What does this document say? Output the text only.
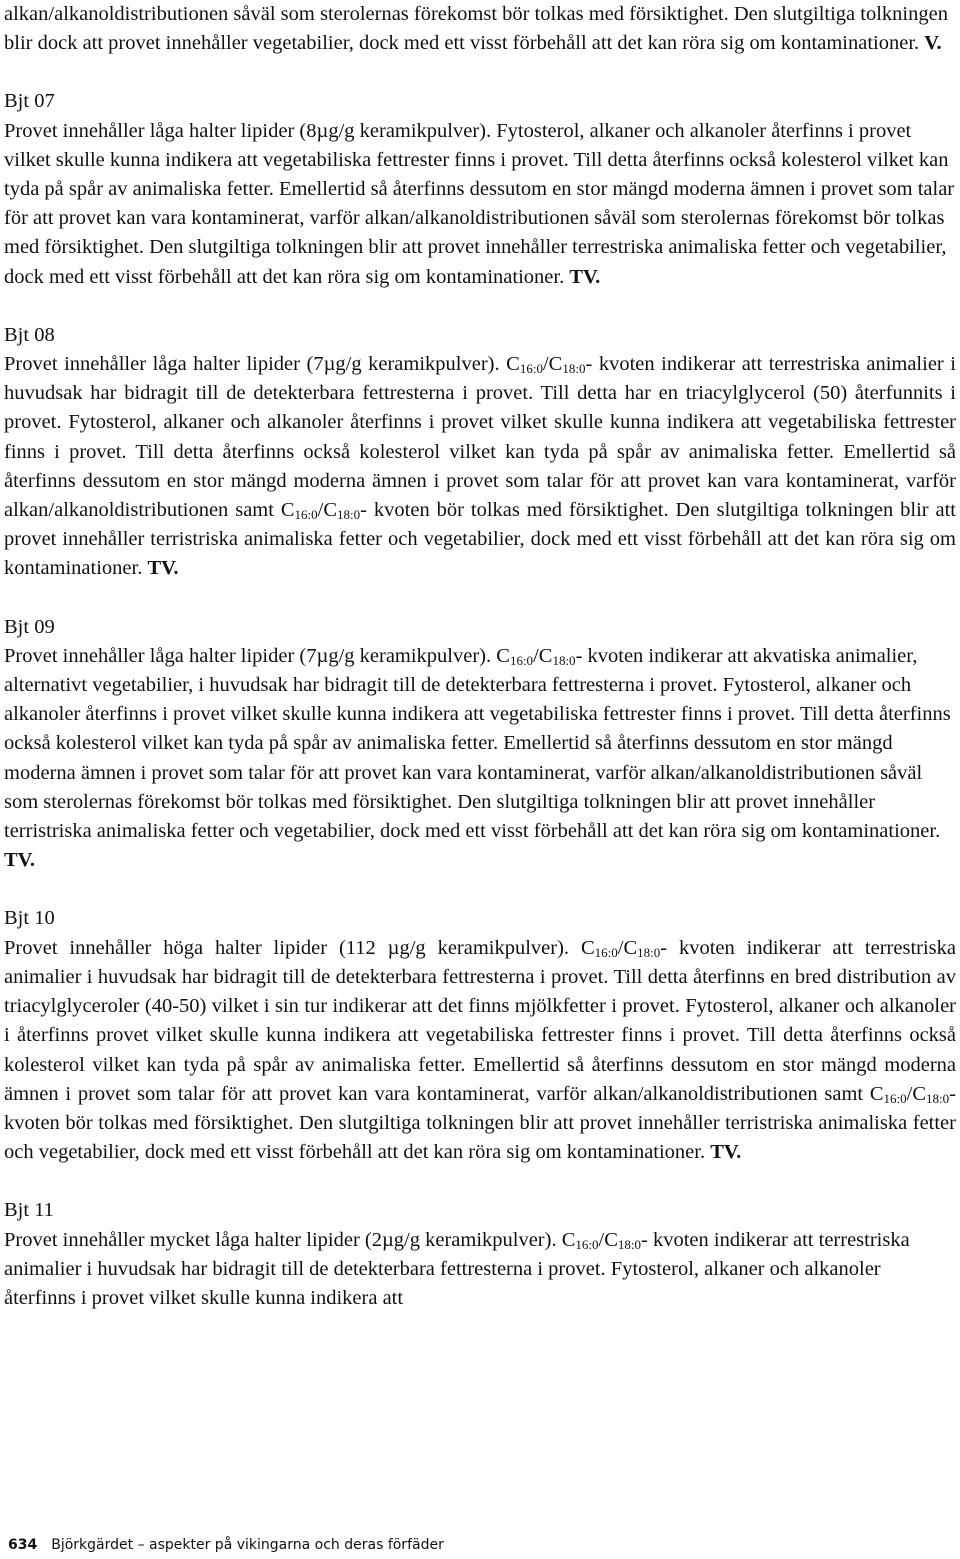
alkan/alkanoldistributionen såväl som sterolernas förekomst bör tolkas med försiktighet. Den slutgiltiga tolkningen blir dock att provet innehåller vegetabilier, dock med ett visst förbehåll att det kan röra sig om kontaminationer. V.

Bjt 07

Provet innehåller låga halter lipider (8µg/g keramikpulver). Fytosterol, alkaner och alkanoler återfinns i provet vilket skulle kunna indikera att vegetabiliska fettrester finns i provet. Till detta återfinns också kolesterol vilket kan tyda på spår av animaliska fetter. Emellertid så återfinns dessutom en stor mängd moderna ämnen i provet som talar för att provet kan vara kontaminerat, varför alkan/alkanoldistributionen såväl som sterolernas förekomst bör tolkas med försiktighet. Den slutgiltiga tolkningen blir att provet innehåller terrestriska animaliska fetter och vegetabilier, dock med ett visst förbehåll att det kan röra sig om kontaminationer. TV.

Bjt 08

Provet innehåller låga halter lipider (7µg/g keramikpulver). $C_{16:0}/C_{18:0}-$ kvoten indikerar att terrestriska animalier i huvudsak har bidragit till de detekterbara fettresterna i provet. Till detta har en triacylglycerol (50) återfunnits i provet. Fytosterol, alkaner och alkanoler återfinns i provet vilket skulle kunna indikera att vegetabiliska fettrester finns i provet. Till detta återfinns också kolesterol vilket kan tyda på spår av animaliska fetter. Emellertid så återfinns dessutom en stor mängd moderna ämnen i provet som talar för att provet kan vara kontaminerat, varför alkan/alkanoldistributionen samt $C_{16:0}/C_{18:0}-$ kvoten bör tolkas med försiktighet. Den slutgiltiga tolkningen blir att provet innehåller terristriska animaliska fetter och vegetabilier, dock med ett visst förbehåll att det kan röra sig om kontaminationer. TV.

Bjt 09

Provet innehåller låga halter lipider (7µg/g keramikpulver). $C_{16:0}/C_{18:0}-$ kvoten indikerar att akvatiska animalier, alternativt vegetabilier, i huvudsak har bidragit till de detekterbara fettresterna i provet. Fytosterol, alkaner och alkanoler återfinns i provet vilket skulle kunna indikera att vegetabiliska fettrester finns i provet. Till detta återfinns också kolesterol vilket kan tyda på spår av animaliska fetter. Emellertid så återfinns dessutom en stor mängd moderna ämnen i provet som talar för att provet kan vara kontaminerat, varför alkan/alkanoldistributionen såväl som sterolernas förekomst bör tolkas med försiktighet. Den slutgiltiga tolkningen blir att provet innehåller terristriska animaliska fetter och vegetabilier, dock med ett visst förbehåll att det kan röra sig om kontaminationer. TV.

Bjt 10

Provet innehåller höga halter lipider (112 µg/g keramikpulver). $C_{16:0}/C_{18:0}-$ kvoten indikerar att terrestriska animalier i huvudsak har bidragit till de detekterbara fettresterna i provet. Till detta återfinns en bred distribution av triacylglyceroler (40-50) vilket i sin tur indikerar att det finns mjölkfetter i provet. Fytosterol, alkaner och alkanoler i återfinns provet vilket skulle kunna indikera att vegetabiliska fettrester finns i provet. Till detta återfinns också kolesterol vilket kan tyda på spår av animaliska fetter. Emellertid så återfinns dessutom en stor mängd moderna ämnen i provet som talar för att provet kan vara kontaminerat, varför alkan/alkanoldistributionen samt $C_{16:0}/C_{18:0}-$ kvoten bör tolkas med försiktighet. Den slutgiltiga tolkningen blir att provet innehåller terristriska animaliska fetter och vegetabilier, dock med ett visst förbehåll att det kan röra sig om kontaminationer. TV.

Bjt 11

Provet innehåller mycket låga halter lipider (2µg/g keramikpulver). $C_{16:0}/C_{18:0}-$ kvoten indikerar att terrestriska animalier i huvudsak har bidragit till de detekterbara fettresterna i provet. Fytosterol, alkaner och alkanoler återfinns i provet vilket skulle kunna indikera att

634 Björkgärdet – aspekter på vikingarna och deras förfäder
